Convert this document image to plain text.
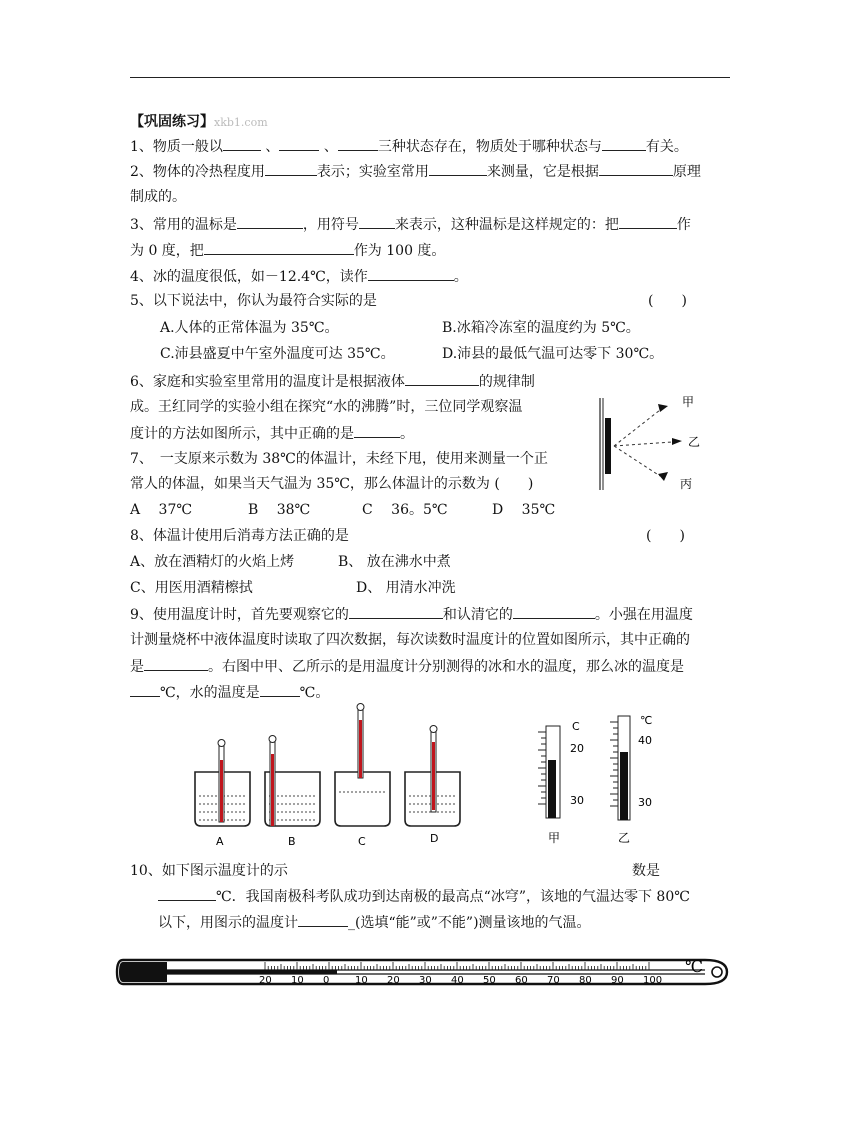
【巩固练习】xkb1.com
1、物质一般以	、	、	三种状态存在，物质处于哪种状态与	有关。
2、物体的冷热程度用	表示；实验室常用	来测量，它是根据	原理
制成的。
3、常用的温标是	，用符号	来表示，这种温标是这样规定的：把	作
为 0 度，把	作为 100 度。
4、冰的温度很低，如－12.4℃，读作	。
5、以下说法中，你认为最符合实际的是	(　　)
A.人体的正常体温为 35℃。	B.冰箱冷冻室的温度约为 5℃。
C.沛县盛夏中午室外温度可达 35℃。	D.沛县的最低气温可达零下 30℃。
6、家庭和实验室里常用的温度计是根据液体	的规律制
成。王红同学的实验小组在探究“水的沸腾”时，三位同学观察温
度计的方法如图所示，其中正确的是	。
甲
乙
丙
7、　一支原来示数为 38℃的体温计，未经下甩，使用来测量一个正
常人的体温，如果当天气温为 35℃，那么体温计的示数为 (　　)
A　 37℃	B　 38℃	C　 36。5℃	D　 35℃
8、体温计使用后消毒方法正确的是	(　　)
A、放在酒精灯的火焰上烤	B、 放在沸水中煮
C、用医用酒精檫拭	D、 用清水冲洗
9、使用温度计时，首先要观察它的	和认清它的	。小强在用温度
计测量烧杯中液体温度时读取了四次数据，每次读数时温度计的位置如图所示，其中正确的
是	。右图中甲、乙所示的是用温度计分别测得的冰和水的温度，那么冰的温度是
℃，水的温度是	℃。
A	B	C	D
C
20
30
甲
℃
40
30
乙
10、如下图示温度计的示	数是
℃．我国南极科考队成功到达南极的最高点“冰穹”，该地的气温达零下 80℃
以下，用图示的温度计	_(选填“能”或”不能”)测量该地的气温。
20 10 0	10 20 30 40 50 60 70 80 90 100
℃
